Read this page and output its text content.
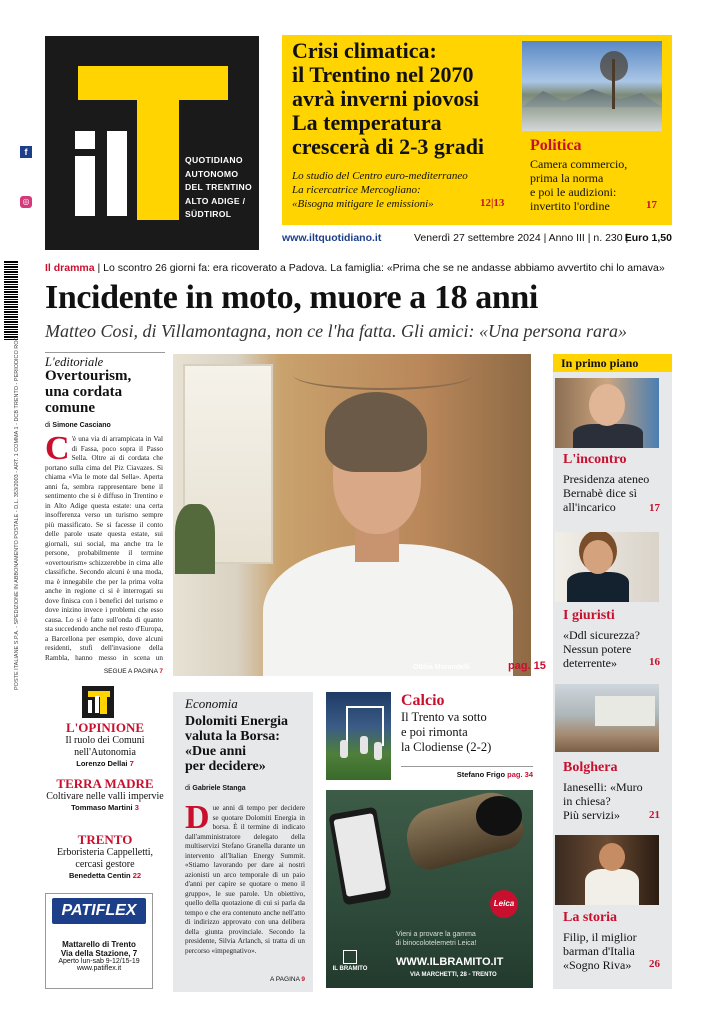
f
◎
POSTE ITALIANE S.P.A. - SPEDIZIONE IN ABBONAMENTO POSTALE - D.L. 353/2003 - ART. 1 COMMA 1 - DCB TRENTO - PERIODICO ROC
QUOTIDIANO
AUTONOMO
DEL TRENTINO
ALTO ADIGE /
SÜDTIROL
Crisi climatica:
il Trentino nel 2070
avrà inverni piovosi
La temperatura
crescerà di 2-3 gradi
Lo studio del Centro euro-mediterraneo
La ricercatrice Mercogliano:
«Bisogna mitigare le emissioni»	12|13
Politica
Camera commercio,
prima la norma
e poi le audizioni:
invertito l'ordine	17
www.iltquotidiano.it	Venerdì 27 settembre 2024 | Anno III | n. 230 |
Euro 1,50
Il dramma | Lo scontro 26 giorni fa: era ricoverato a Padova. La famiglia: «Prima che se ne andasse abbiamo avvertito chi lo amava»
Incidente in moto, muore a 18 anni
Matteo Cosi, di Villamontagna, non ce l'ha fatta. Gli amici: «Una persona rara»
L'editoriale
Overtourism,
una cordata
comune
di Simone Casciano
C 'è una via di arrampicata in Val di Fassa, poco sopra il Passo Sella. Oltre ai di cordata che portano sulla cima del Piz Ciavazes. Si chiama «Via le mote dal Sella». Aperta anni fa, sembra rappresentare bene il sentimento che si è diffuso in Trentino e in Alto Adige questa estate: una certa insofferenza verso un turismo sempre più massificato. Se si facesse il conto delle parole usate questa estate, sui giornali, sui social, ma anche tra le persone, probabilmente il termine «overtourism» schizzerebbe in cima alle classifiche. Secondo alcuni è una moda, ma è innegabile che per la prima volta anche in regione ci si è interrogati su dove finisca con i benefici del turismo e dove inizino invece i problemi che esso causa. Lo si è fatto sull'onda di quanto sta succedendo anche nel resto d'Europa, a Barcellona per esempio, dove alcuni residenti, stufi dell'invasione della Rambla, hanno messo in scena un
SEGUE A PAGINA 7
L'OPINIONE
Il ruolo dei Comuni nell'Autonomia
Lorenzo Dellai 7
TERRA MADRE
Coltivare nelle valli imperviе
Tommaso Martini 3
TRENTO
Erboristeria Cappelletti, cercasi gestore
Benedetta Centin 22
PATIFLEX
Mattarello di Trento
Via della Stazione, 7
Aperto lun-sab 9-12/15-19
www.patiflex.it
Ottilia Morandelli	pag. 15
Economia
Dolomiti Energia
valuta la Borsa:
«Due anni
per decidere»
di Gabriele Stanga
Due anni di tempo per decidere se quotare Dolomiti Energia in borsa. È il termine di indicato dall'amministratore delegato della multiservizi Stefano Granella durante un intervento all'Italian Energy Summit. «Stiamo lavorando per dare ai nostri azionisti un arco temporale di un paio d'anni per capire se quotare o meno il gruppo», le sue parole. Un obiettivo, quello della quotazione di cui si parla da tempo e che era contenuto anche nell'atto di indirizzo approvato con una delibera della giunta provinciale. Secondo la presidente, Silvia Arlanch, si tratta di un percorso «impegnativo».
A PAGINA 9
Calcio
Il Trento va sotto
e poi rimonta
la Clodiense (2-2)
Stefano Frigo pag. 34
Leica
Vieni a provare la gamma
di binocolotelemetri Leica!
IL BRAMITO
WWW.ILBRAMITO.IT
VIA MARCHETTI, 28 - TRENTO
In primo piano
L'incontro
Presidenza ateneo
Bernabè dice sì
all'incarico	17
I giuristi
«Ddl sicurezza?
Nessun potere
deterrente»	16
Bolghera
Ianeselli: «Muro
in chiesa?
Più servizi»	21
La storia
Filip, il miglior
barman d'Italia
«Sogno Riva»	26
